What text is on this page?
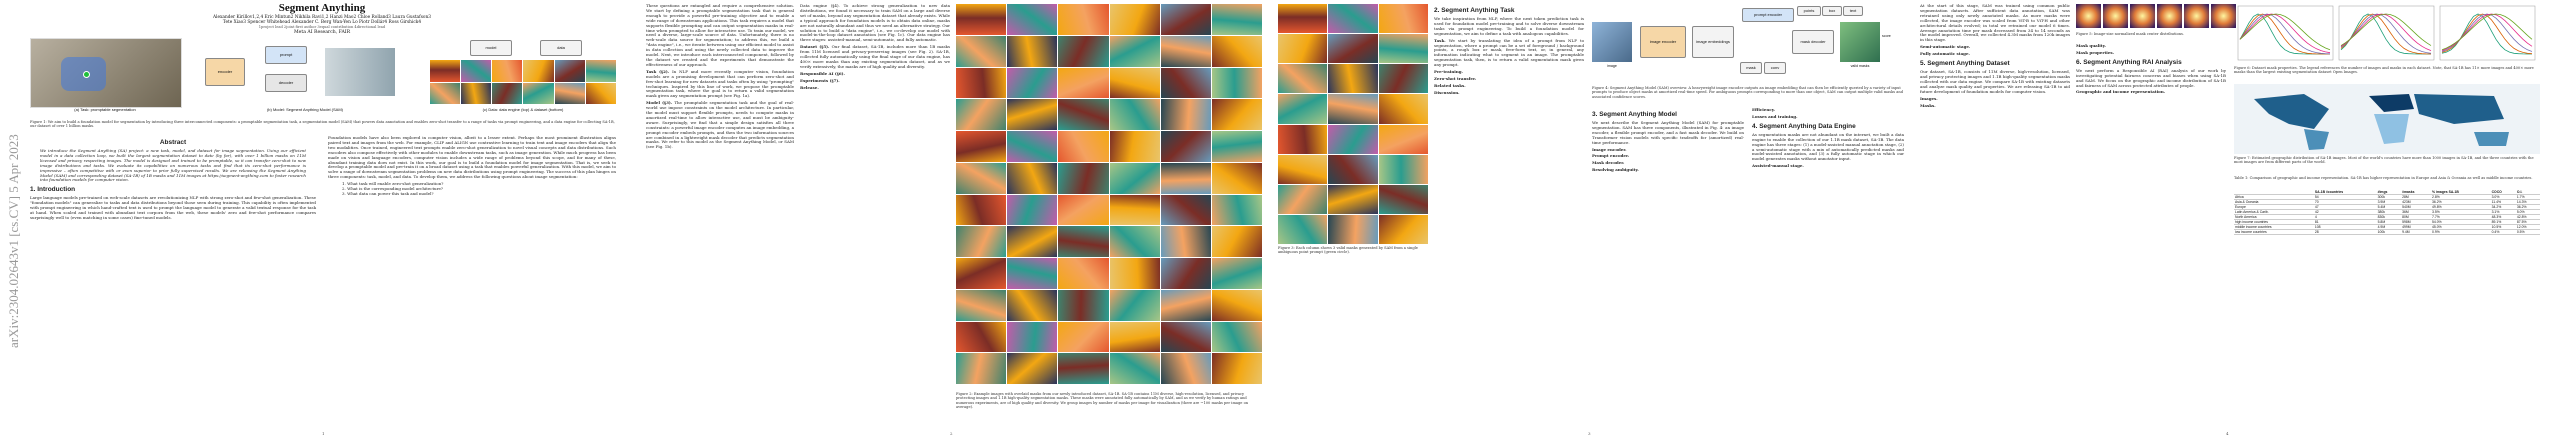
arXiv:2304.02643v1 [cs.CV] 5 Apr 2023
Segment Anything
Alexander Kirillov1,2,4 Eric Mintun2 Nikhila Ravi1,2 Hanzi Mao2 Chloe Rolland3 Laura Gustafson3
Tete Xiao3 Spencer Whitehead Alexander C. Berg Wan-Yen Lo Piotr Dollár4 Ross Girshick4
1project lead 2joint first author 3equal contribution 4directional lead
Meta AI Research, FAIR
(a) Task: promptable segmentation
encoder
prompt
decoder
(b) Model: Segment Anything Model (SAM)
model	data
(c) Data: data engine (top) & dataset (bottom)
Figure 1: We aim to build a foundation model for segmentation by introducing three interconnected components: a promptable segmentation task, a segmentation model (SAM) that powers data annotation and enables zero-shot transfer to a range of tasks via prompt engineering, and a data engine for collecting SA-1B, our dataset of over 1 billion masks.
Abstract

We introduce the Segment Anything (SA) project: a new task, model, and dataset for image segmentation. Using our efficient model in a data collection loop, we built the largest segmentation dataset to date (by far), with over 1 billion masks on 11M licensed and privacy respecting images. The model is designed and trained to be promptable, so it can transfer zero-shot to new image distributions and tasks. We evaluate its capabilities on numerous tasks and find that its zero-shot performance is impressive – often competitive with or even superior to prior fully supervised results. We are releasing the Segment Anything Model (SAM) and corresponding dataset (SA-1B) of 1B masks and 11M images at https://segment-anything.com to foster research into foundation models for computer vision.

1. Introduction

Large language models pre-trained on web-scale datasets are revolutionizing NLP with strong zero-shot and few-shot generalization. These "foundation models" can generalize to tasks and data distributions beyond those seen during training. This capability is often implemented with prompt engineering in which hand-crafted text is used to prompt the language model to generate a valid textual response for the task at hand. When scaled and trained with abundant text corpora from the web, these models' zero and few-shot performance compares surprisingly well to (even matching in some cases) fine-tuned models.

Foundation models have also been explored in computer vision, albeit to a lesser extent. Perhaps the most prominent illustration aligns paired text and images from the web. For example, CLIP and ALIGN use contrastive learning to train text and image encoders that align the two modalities. Once trained, engineered text prompts enable zero-shot generalization to novel visual concepts and data distributions. Such encoders also compose effectively with other modules to enable downstream tasks, such as image generation. While much progress has been made on vision and language encoders, computer vision includes a wide range of problems beyond this scope, and for many of these, abundant training data does not exist. In this work, our goal is to build a foundation model for image segmentation. That is, we seek to develop a promptable model and pre-train it on a broad dataset using a task that enables powerful generalization. With this model, we aim to solve a range of downstream segmentation problems on new data distributions using prompt engineering. The success of this plan hinges on three components: task, model, and data. To develop them, we address the following questions about image segmentation:

1. What task will enable zero-shot generalization?
2. What is the corresponding model architecture?
3. What data can power this task and model?
1

These questions are entangled and require a comprehensive solution. We start by defining a promptable segmentation task that is general enough to provide a powerful pre-training objective and to enable a wide range of downstream applications. This task requires a model that supports flexible prompting and can output segmentation masks in real-time when prompted to allow for interactive use. To train our model, we need a diverse, large-scale source of data. Unfortunately, there is no web-scale data source for segmentation; to address this, we build a "data engine", i.e., we iterate between using our efficient model to assist in data collection and using the newly collected data to improve the model. Next, we introduce each interconnected component, followed by the dataset we created and the experiments that demonstrate the effectiveness of our approach.

Task (§2). In NLP and more recently computer vision, foundation models are a promising development that can perform zero-shot and few-shot learning for new datasets and tasks often by using "prompting" techniques. Inspired by this line of work, we propose the promptable segmentation task, where the goal is to return a valid segmentation mask given any segmentation prompt (see Fig. 1a).

Model (§3). The promptable segmentation task and the goal of real-world use impose constraints on the model architecture. In particular, the model must support flexible prompts, needs to compute masks in amortized real-time to allow interactive use, and must be ambiguity-aware. Surprisingly, we find that a simple design satisfies all three constraints: a powerful image encoder computes an image embedding, a prompt encoder embeds prompts, and then the two information sources are combined in a lightweight mask decoder that predicts segmentation masks. We refer to this model as the Segment Anything Model, or SAM (see Fig. 1b).

Data engine (§4). To achieve strong generalization to new data distributions, we found it necessary to train SAM on a large and diverse set of masks, beyond any segmentation dataset that already exists. While a typical approach for foundation models is to obtain data online, masks are not naturally abundant and thus we need an alternative strategy. Our solution is to build a "data engine", i.e., we co-develop our model with model-in-the-loop dataset annotation (see Fig. 1c). Our data engine has three stages: assisted-manual, semi-automatic, and fully automatic.

Dataset (§5). Our final dataset, SA-1B, includes more than 1B masks from 11M licensed and privacy-preserving images (see Fig. 2). SA-1B, collected fully automatically using the final stage of our data engine, has 400× more masks than any existing segmentation dataset, and as we verify extensively, the masks are of high quality and diversity.

Responsible AI (§6).

Experiments (§7).

Release.

Figure 2: Example images with overlaid masks from our newly introduced dataset, SA-1B. SA-1B contains 11M diverse, high-resolution, licensed, and privacy protecting images and 1.1B high-quality segmentation masks. These masks were annotated fully automatically by SAM, and as we verify by human ratings and numerous experiments, are of high quality and diversity. We group images by number of masks per image for visualization (there are ~100 masks per image on average).
2
Figure 3: Each column shows 3 valid masks generated by SAM from a single ambiguous point prompt (green circle).
2. Segment Anything Task

We take inspiration from NLP, where the next token prediction task is used for foundation model pre-training and to solve diverse downstream tasks via prompt engineering. To build a foundation model for segmentation, we aim to define a task with analogous capabilities.

Task. We start by translating the idea of a prompt from NLP to segmentation, where a prompt can be a set of foreground / background points, a rough box or mask, free-form text, or, in general, any information indicating what to segment in an image. The promptable segmentation task, then, is to return a valid segmentation mask given any prompt.

Pre-training.

Zero-shot transfer.

Related tasks.

Discussion.

image
image encoder	image embeddings
mask	conv
prompt encoder
points	box	text
mask decoder
valid masks
score
Figure 4: Segment Anything Model (SAM) overview. A heavyweight image encoder outputs an image embedding that can then be efficiently queried by a variety of input prompts to produce object masks at amortized real-time speed. For ambiguous prompts corresponding to more than one object, SAM can output multiple valid masks and associated confidence scores.
3. Segment Anything Model

We next describe the Segment Anything Model (SAM) for promptable segmentation. SAM has three components, illustrated in Fig. 4: an image encoder, a flexible prompt encoder, and a fast mask decoder. We build on Transformer vision models with specific tradeoffs for (amortized) real-time performance.

Image encoder.

Prompt encoder.

Mask decoder.

Resolving ambiguity.

Efficiency.

Losses and training.

4. Segment Anything Data Engine

As segmentation masks are not abundant on the internet, we built a data engine to enable the collection of our 1.1B mask dataset, SA-1B. The data engine has three stages: (1) a model-assisted manual annotation stage, (2) a semi-automatic stage with a mix of automatically predicted masks and model-assisted annotation, and (3) a fully automatic stage in which our model generates masks without annotator input.

Assisted-manual stage.

3

At the start of this stage, SAM was trained using common public segmentation datasets. After sufficient data annotation, SAM was retrained using only newly annotated masks. As more masks were collected, the image encoder was scaled from ViT-B to ViT-H and other architectural details evolved; in total we retrained our model 6 times. Average annotation time per mask decreased from 34 to 14 seconds as the model improved. Overall, we collected 4.3M masks from 120k images in this stage.

Semi-automatic stage.

Fully automatic stage.

5. Segment Anything Dataset

Our dataset, SA-1B, consists of 11M diverse, high-resolution, licensed, and privacy protecting images and 1.1B high-quality segmentation masks collected with our data engine. We compare SA-1B with existing datasets and analyze mask quality and properties. We are releasing SA-1B to aid future development of foundation models for computer vision.

Images.

Masks.

Figure 5: Image-size normalized mask center distributions.

Mask quality.

Mask properties.

6. Segment Anything RAI Analysis

We next perform a Responsible AI (RAI) analysis of our work by investigating potential fairness concerns and biases when using SA-1B and SAM. We focus on the geographic and income distribution of SA-1B and fairness of SAM across protected attributes of people.

Geographic and income representation.

Figure 6: Dataset mask properties. The legend references the number of images and masks in each dataset. Note, that SA-1B has 11× more images and 400× more masks than the largest existing segmentation dataset Open Images.
Figure 7: Estimated geographic distribution of SA-1B images. Most of the world's countries have more than 1000 images in SA-1B, and the three countries with the most images are from different parts of the world.
Table 1: Comparison of geographic and income representation. SA-1B has higher representation in Europe and Asia & Oceania as well as middle income countries.
	SA-1B #countries	#imgs	#masks	% images SA-1B	COCO	O.I.
Africa	54	300k	28M	2.8%	3.0%	1.7%
Asia & Oceania	70	3.9M	423M	36.2%	11.4%	14.3%
Europe	47	5.4M	540M	49.8%	34.2%	36.2%
Latin America & Carib.	42	380k	36M	3.5%	3.1%	5.0%
North America	4	830k	80M	7.7%	48.3%	42.8%
high income countries	81	5.8M	598M	54.0%	89.1%	87.5%
middle income countries	108	4.9M	499M	45.0%	10.5%	12.0%
low income countries	28	100k	9.4M	0.9%	0.4%	0.5%
4
